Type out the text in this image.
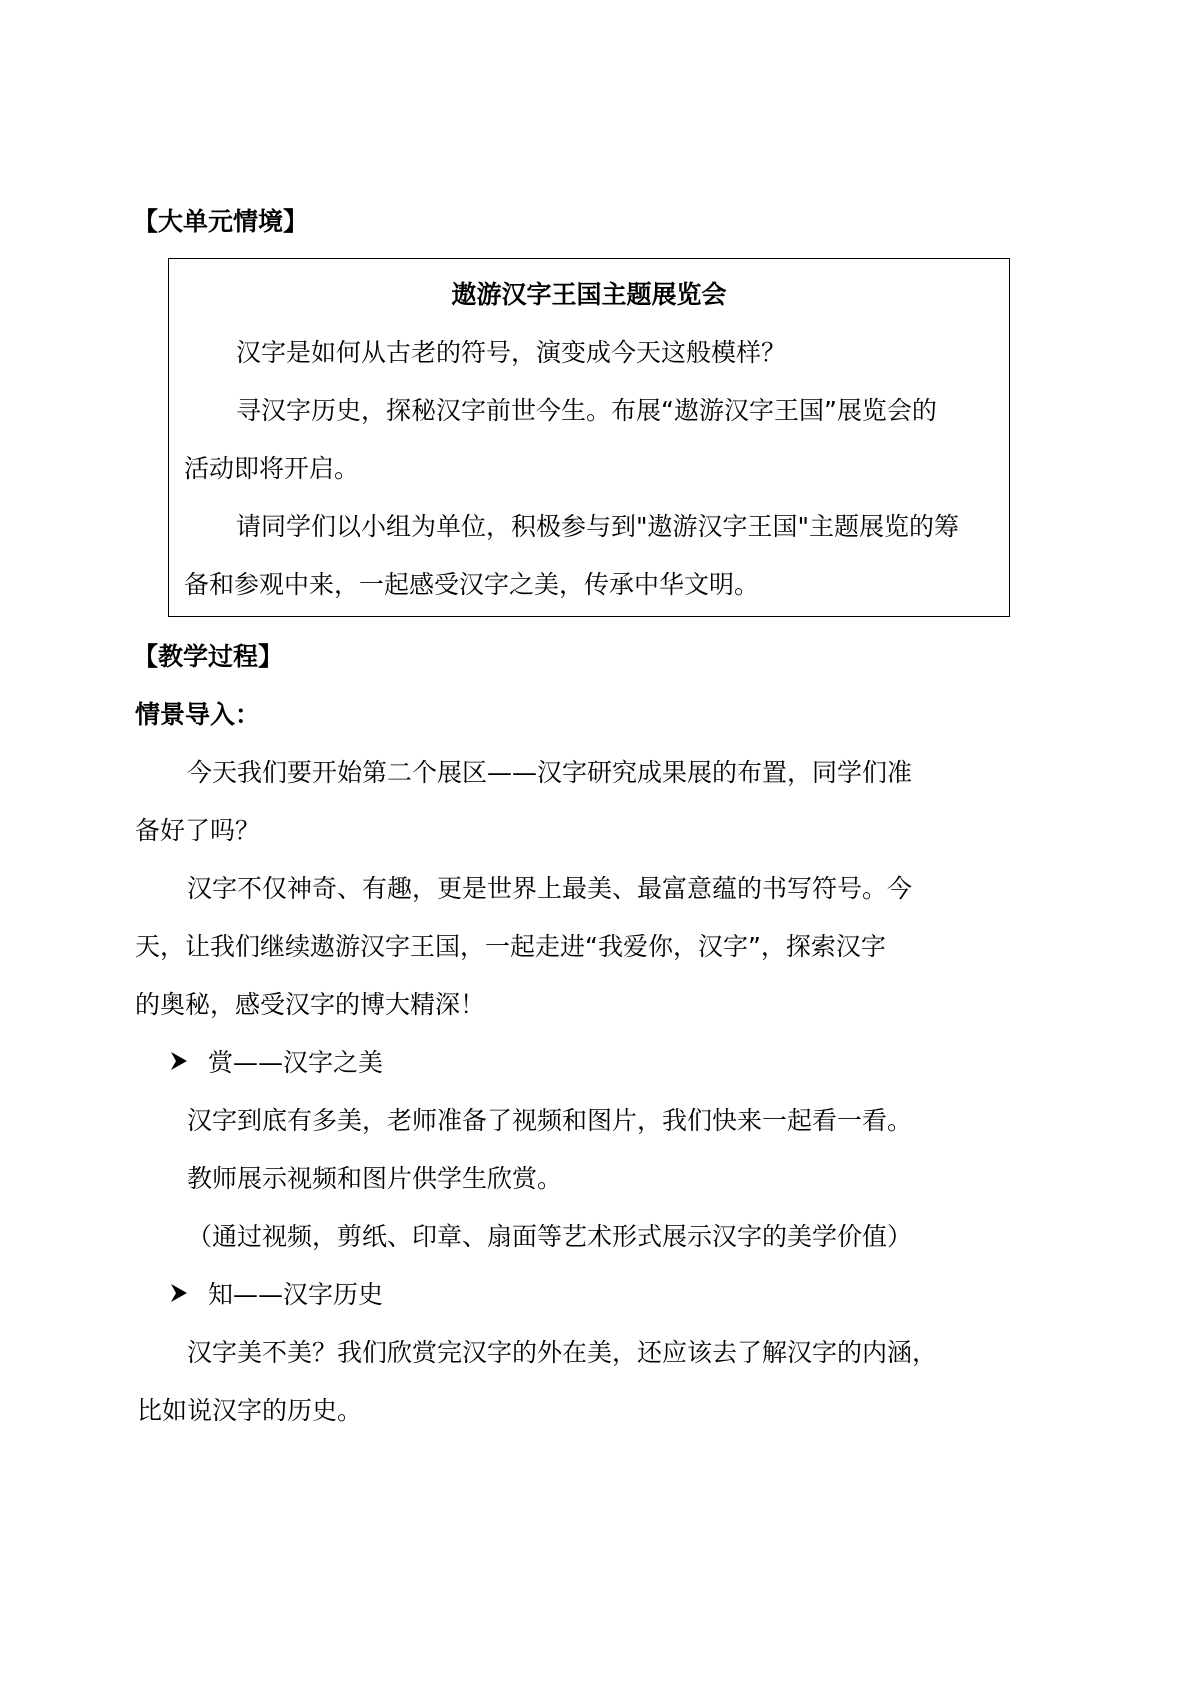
【大单元情境】
遨游汉字王国主题展览会
汉字是如何从古老的符号，演变成今天这般模样？
寻汉字历史，探秘汉字前世今生。布展“遨游汉字王国”展览会的
活动即将开启。
请同学们以小组为单位，积极参与到"遨游汉字王国"主题展览的筹
备和参观中来，一起感受汉字之美，传承中华文明。
【教学过程】
情景导入：
今天我们要开始第二个展区——汉字研究成果展的布置，同学们准
备好了吗？
汉字不仅神奇、有趣，更是世界上最美、最富意蕴的书写符号。今
天，让我们继续遨游汉字王国，一起走进“我爱你，汉字”，探索汉字
的奥秘，感受汉字的博大精深！
赏——汉字之美
汉字到底有多美，老师准备了视频和图片，我们快来一起看一看。
教师展示视频和图片供学生欣赏。
（通过视频，剪纸、印章、扇面等艺术形式展示汉字的美学价值）
知——汉字历史
汉字美不美？我们欣赏完汉字的外在美，还应该去了解汉字的内涵，
比如说汉字的历史。
